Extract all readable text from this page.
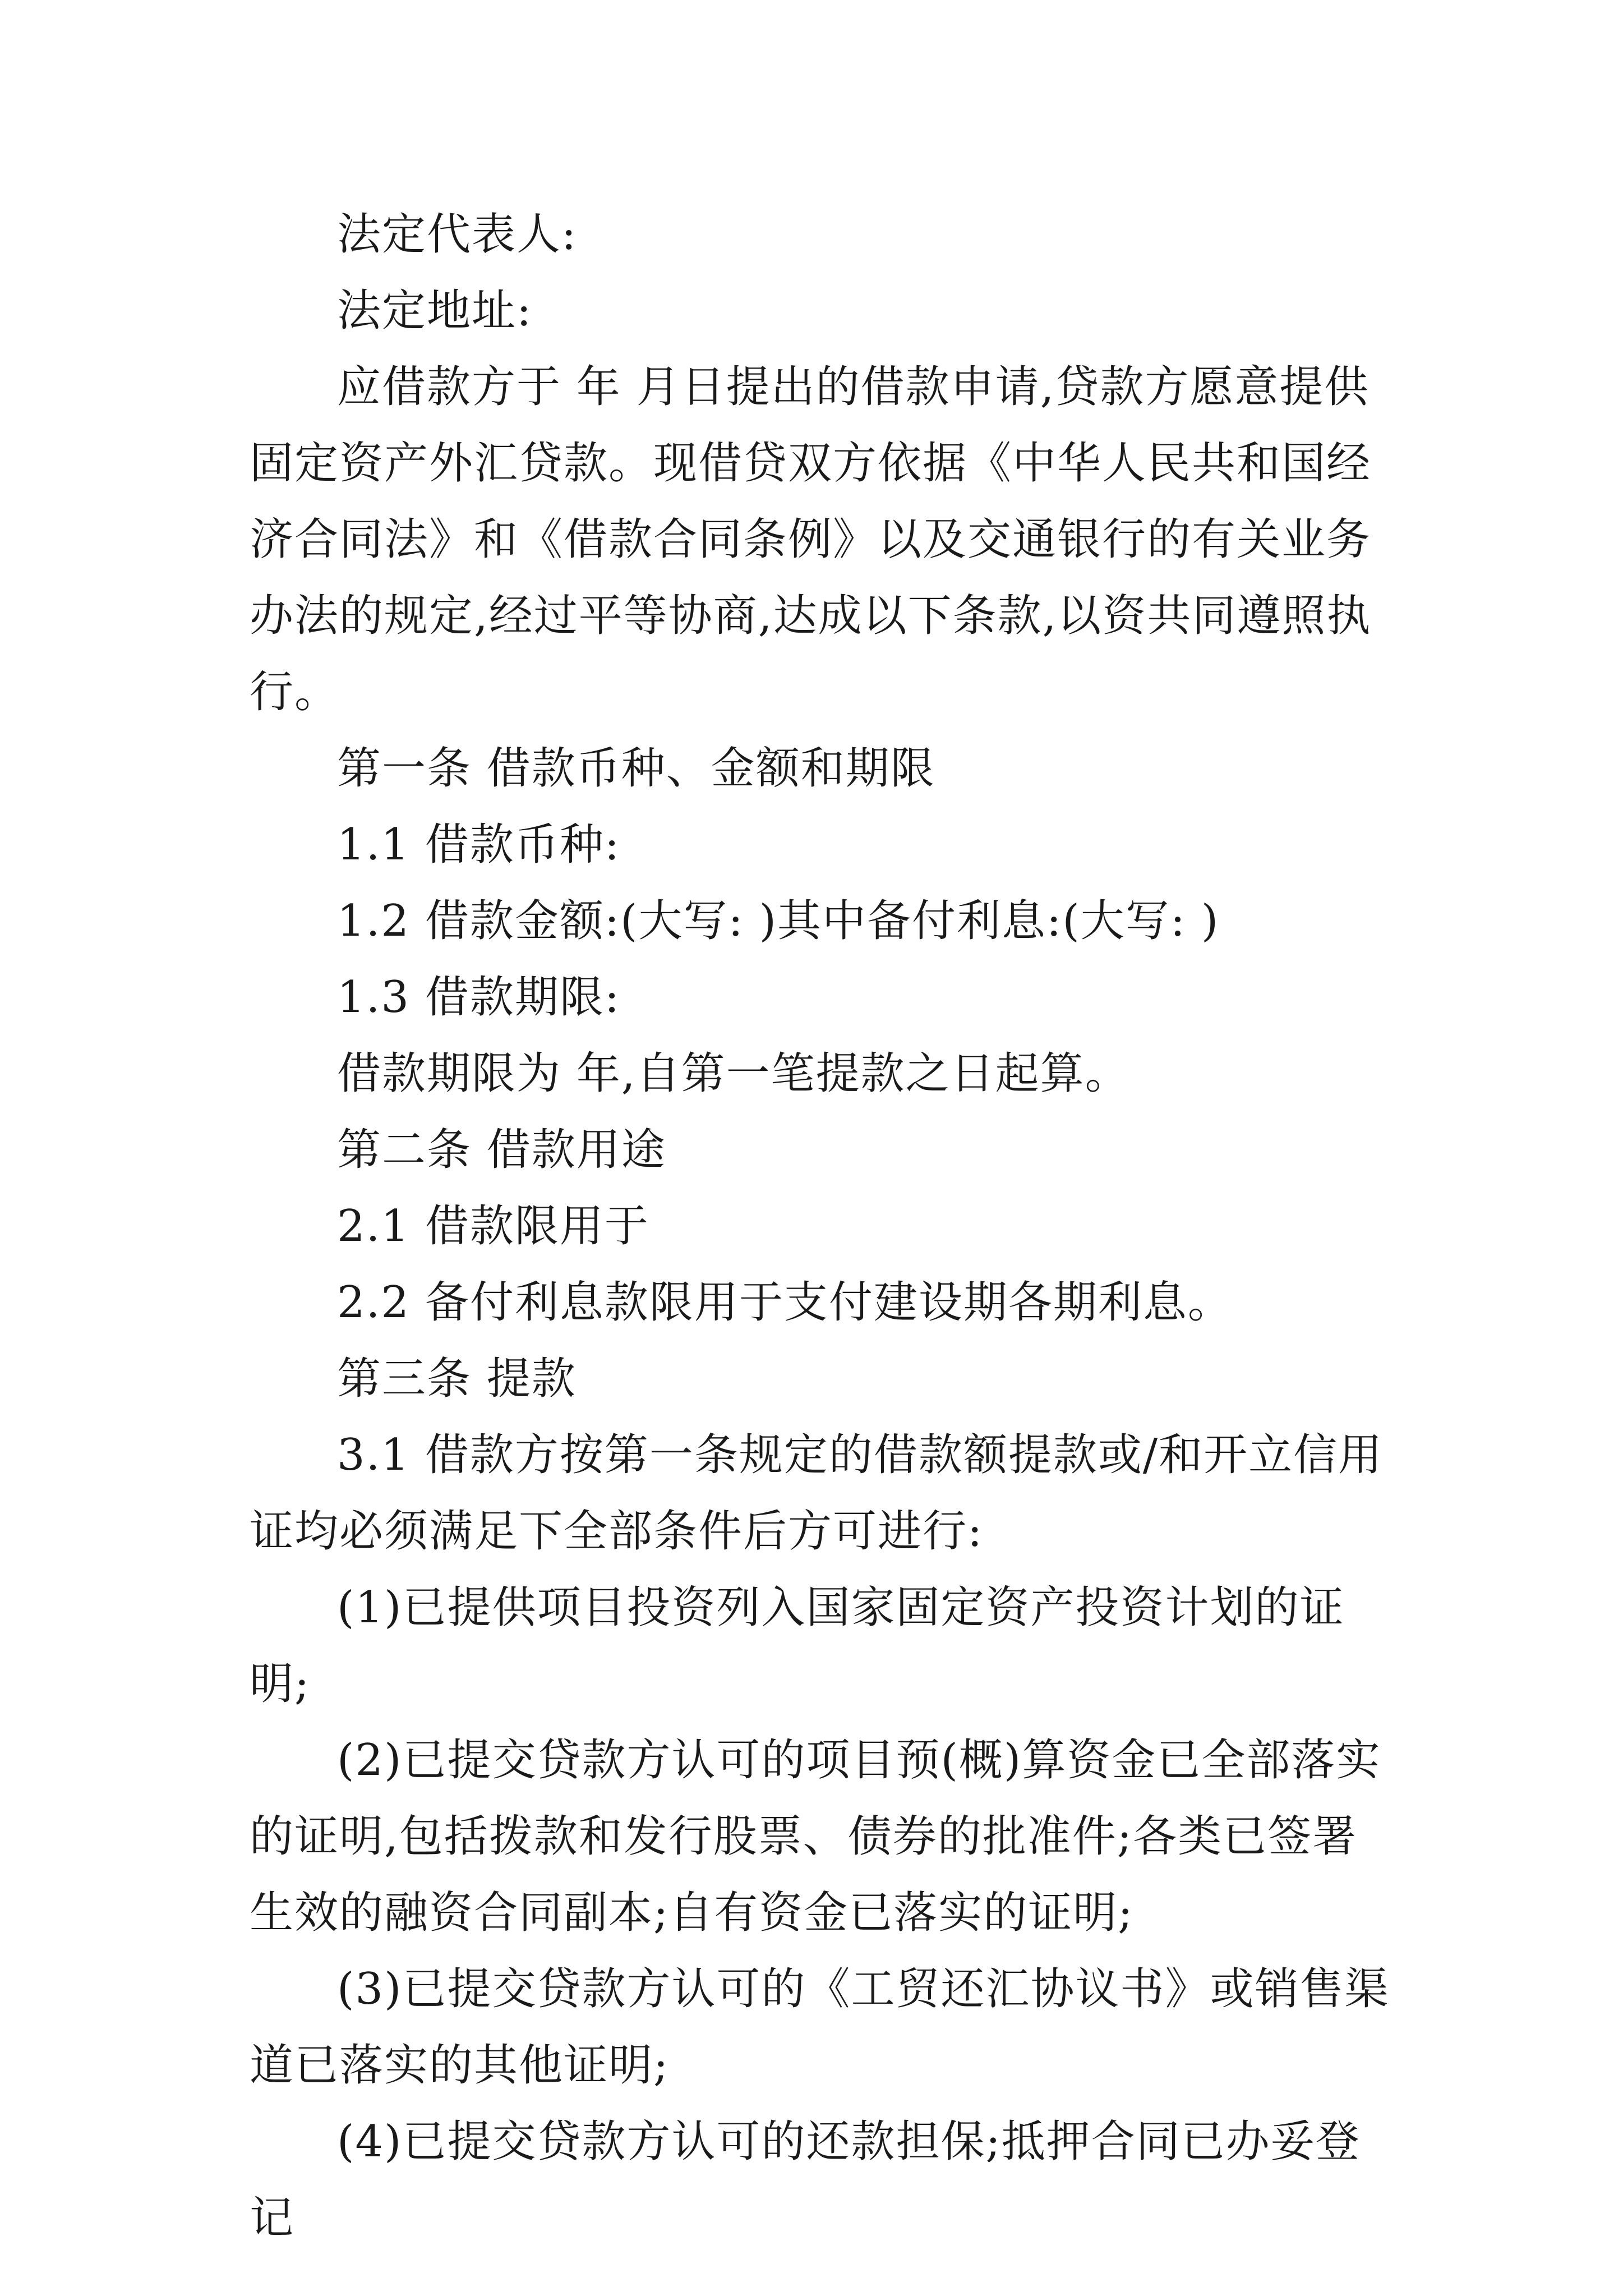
法定代表人:

法定地址:

应借款方于 年 月日提出的借款申请,贷款方愿意提供固定资产外汇贷款。现借贷双方依据《中华人民共和国经济合同法》和《借款合同条例》以及交通银行的有关业务办法的规定,经过平等协商,达成以下条款,以资共同遵照执行。

第一条 借款币种、金额和期限

1.1 借款币种:

1.2 借款金额:(大写: )其中备付利息:(大写: )

1.3 借款期限:

借款期限为 年,自第一笔提款之日起算。

第二条 借款用途

2.1 借款限用于

2.2 备付利息款限用于支付建设期各期利息。

第三条 提款

3.1 借款方按第一条规定的借款额提款或/和开立信用证均必须满足下全部条件后方可进行:

(1)已提供项目投资列入国家固定资产投资计划的证明;

(2)已提交贷款方认可的项目预(概)算资金已全部落实的证明,包括拨款和发行股票、债券的批准件;各类已签署生效的融资合同副本;自有资金已落实的证明;

(3)已提交贷款方认可的《工贸还汇协议书》或销售渠道已落实的其他证明;

(4)已提交贷款方认可的还款担保;抵押合同已办妥登记
